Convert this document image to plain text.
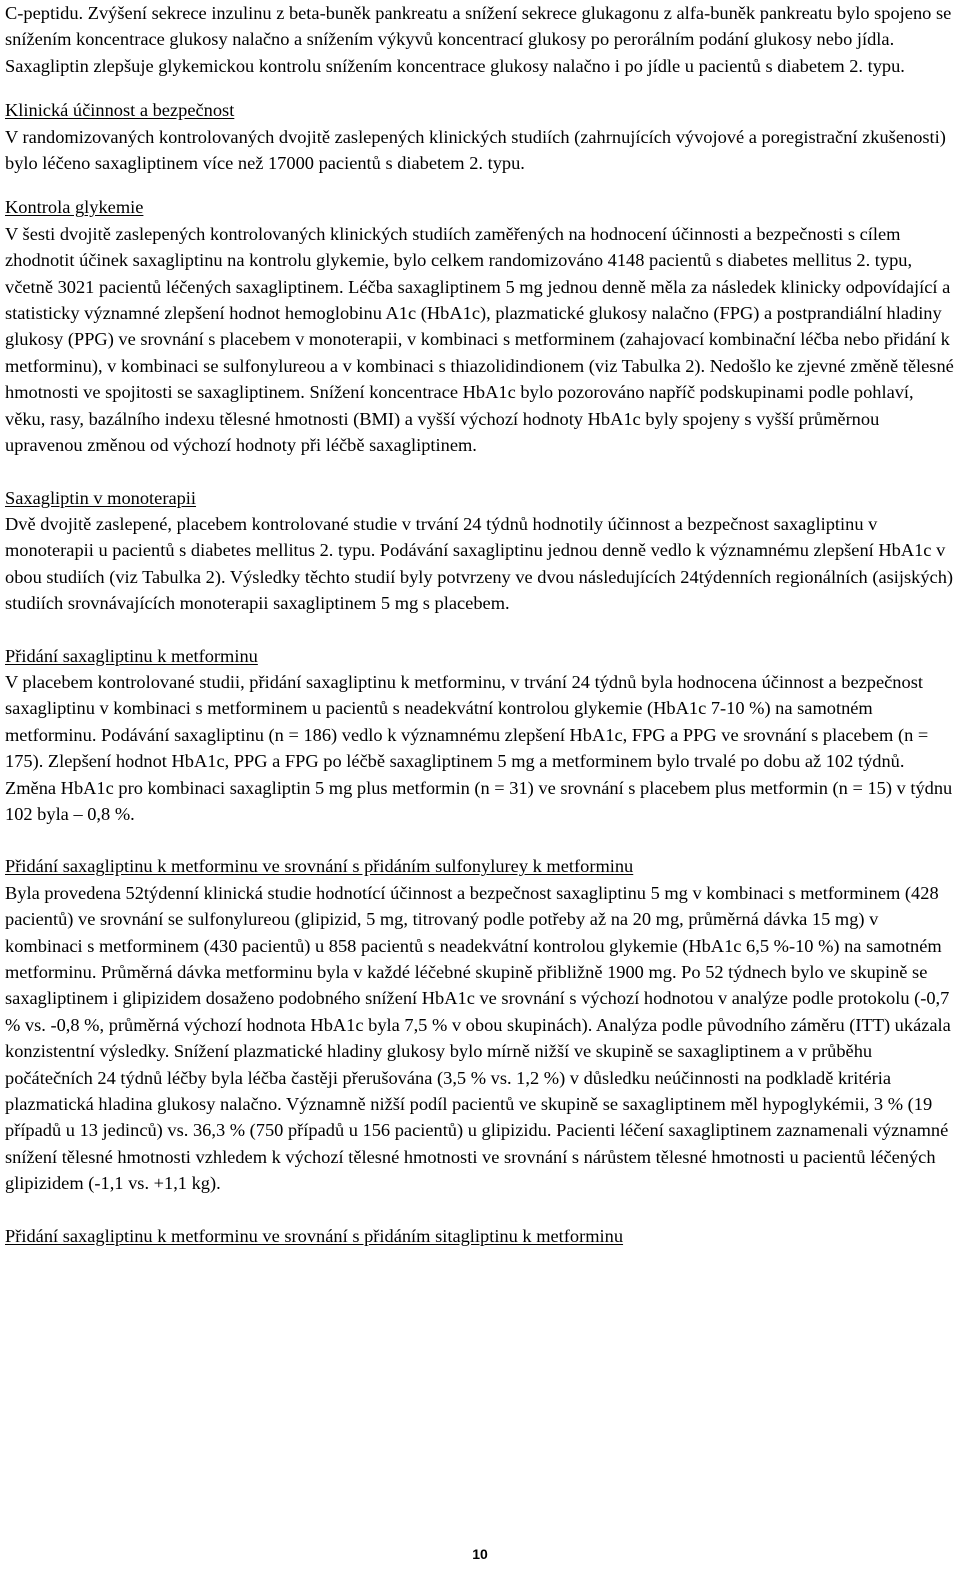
C-peptidu. Zvýšení sekrece inzulinu z beta-buněk pankreatu a snížení sekrece glukagonu z alfa-buněk pankreatu bylo spojeno se snížením koncentrace glukosy nalačno a snížením výkyvů koncentrací glukosy po perorálním podání glukosy nebo jídla. Saxagliptin zlepšuje glykemickou kontrolu snížením koncentrace glukosy nalačno i po jídle u pacientů s diabetem 2. typu.

Klinická účinnost a bezpečnost

V randomizovaných kontrolovaných dvojitě zaslepených klinických studiích (zahrnujících vývojové a poregistrační zkušenosti) bylo léčeno saxagliptinem více než 17000 pacientů s diabetem 2. typu.

Kontrola glykemie

V šesti dvojitě zaslepených kontrolovaných klinických studiích zaměřených na hodnocení účinnosti a bezpečnosti s cílem zhodnotit účinek saxagliptinu na kontrolu glykemie, bylo celkem randomizováno 4148 pacientů s diabetes mellitus 2. typu, včetně 3021 pacientů léčených saxagliptinem. Léčba saxagliptinem 5 mg jednou denně měla za následek klinicky odpovídající a statisticky významné zlepšení hodnot hemoglobinu A1c (HbA1c), plazmatické glukosy nalačno (FPG) a postprandiální hladiny glukosy (PPG) ve srovnání s placebem v monoterapii, v kombinaci s metforminem (zahajovací kombinační léčba nebo přidání k metforminu), v kombinaci se sulfonylureou a v kombinaci s thiazolidindionem (viz Tabulka 2). Nedošlo ke zjevné změně tělesné hmotnosti ve spojitosti se saxagliptinem. Snížení koncentrace HbA1c bylo pozorováno napříč podskupinami podle pohlaví, věku, rasy, bazálního indexu tělesné hmotnosti (BMI) a vyšší výchozí hodnoty HbA1c byly spojeny s vyšší průměrnou upravenou změnou od výchozí hodnoty při léčbě saxagliptinem.

Saxagliptin v monoterapii

Dvě dvojitě zaslepené, placebem kontrolované studie v trvání 24 týdnů hodnotily účinnost a bezpečnost saxagliptinu v monoterapii u pacientů s diabetes mellitus 2. typu. Podávání saxagliptinu jednou denně vedlo k významnému zlepšení HbA1c v obou studiích (viz Tabulka 2). Výsledky těchto studií byly potvrzeny ve dvou následujících 24týdenních regionálních (asijských) studiích srovnávajících monoterapii saxagliptinem 5 mg s placebem.

Přidání saxagliptinu k metforminu

V placebem kontrolované studii, přidání saxagliptinu k metforminu, v trvání 24 týdnů byla hodnocena účinnost a bezpečnost saxagliptinu v kombinaci s metforminem u pacientů s neadekvátní kontrolou glykemie (HbA1c 7-10 %) na samotném metforminu. Podávání saxagliptinu (n = 186) vedlo k významnému zlepšení HbA1c, FPG a PPG ve srovnání s placebem (n = 175). Zlepšení hodnot HbA1c, PPG a FPG po léčbě saxagliptinem 5 mg a metforminem bylo trvalé po dobu až 102 týdnů. Změna HbA1c pro kombinaci saxagliptin 5 mg plus metformin (n = 31) ve srovnání s placebem plus metformin (n = 15) v týdnu 102 byla – 0,8 %.

Přidání saxagliptinu k metforminu ve srovnání s přidáním sulfonylurey k metforminu

Byla provedena 52týdenní klinická studie hodnotící účinnost a bezpečnost saxagliptinu 5 mg v kombinaci s metforminem (428 pacientů) ve srovnání se sulfonylureou (glipizid, 5 mg, titrovaný podle potřeby až na 20 mg, průměrná dávka 15 mg) v kombinaci s metforminem (430 pacientů) u 858 pacientů s neadekvátní kontrolou glykemie (HbA1c 6,5 %-10 %) na samotném metforminu. Průměrná dávka metforminu byla v každé léčebné skupině přibližně 1900 mg. Po 52 týdnech bylo ve skupině se saxagliptinem i glipizidem dosaženo podobného snížení HbA1c ve srovnání s výchozí hodnotou v analýze podle protokolu (-0,7 % vs. -0,8 %, průměrná výchozí hodnota HbA1c byla 7,5 % v obou skupinách). Analýza podle původního záměru (ITT) ukázala konzistentní výsledky. Snížení plazmatické hladiny glukosy bylo mírně nižší ve skupině se saxagliptinem a v průběhu počátečních 24 týdnů léčby byla léčba častěji přerušována (3,5 % vs. 1,2 %) v důsledku neúčinnosti na podkladě kritéria plazmatická hladina glukosy nalačno. Významně nižší podíl pacientů ve skupině se saxagliptinem měl hypoglykémii, 3 % (19 případů u 13 jedinců) vs. 36,3 % (750 případů u 156 pacientů) u glipizidu. Pacienti léčení saxagliptinem zaznamenali významné snížení tělesné hmotnosti vzhledem k výchozí tělesné hmotnosti ve srovnání s nárůstem tělesné hmotnosti u pacientů léčených glipizidem (-1,1 vs. +1,1 kg).

Přidání saxagliptinu k metforminu ve srovnání s přidáním sitagliptinu k metforminu

10
